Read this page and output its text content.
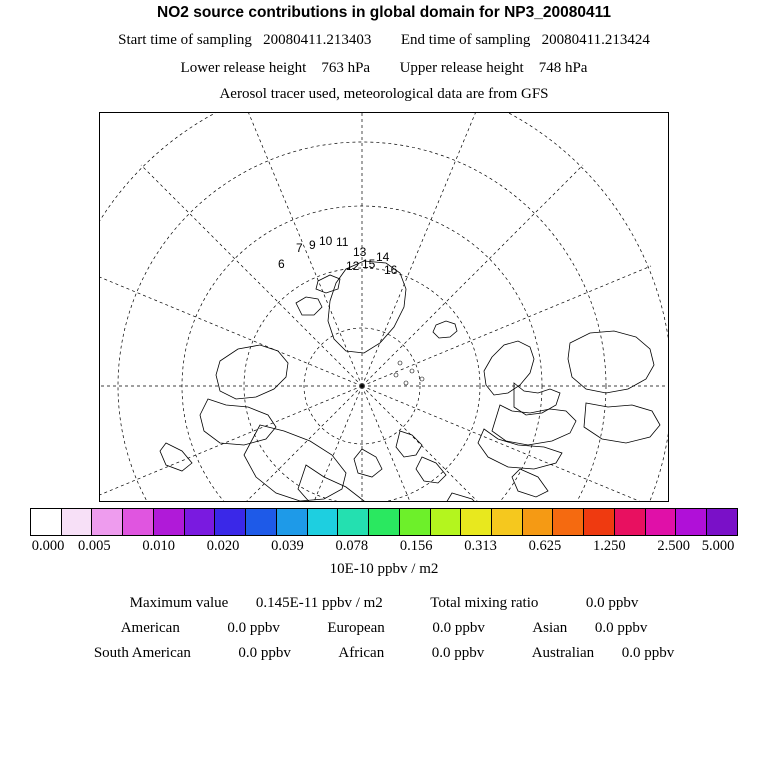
NO2 source contributions in global domain for NP3_20080411
Start time of sampling 20080411.213403 End time of sampling 20080411.213424
Lower release height 763 hPa Upper release height 748 hPa
Aerosol tracer used, meteorological data are from GFS
7 9 10 11
13
6	15 14
12 16
0.000 0.005 0.010 0.020 0.039 0.078 0.156 0.313 0.625 1.250 2.500 5.000
10E-10 ppbv / m2
Maximum value 0.145E-11 ppbv / m2	Total mixing ratio	0.0 ppbv
American	0.0 ppbv	European	0.0 ppbv	Asian 0.0 ppbv
South American	0.0 ppbv	African	0.0 ppbv	Australian 0.0 ppbv
